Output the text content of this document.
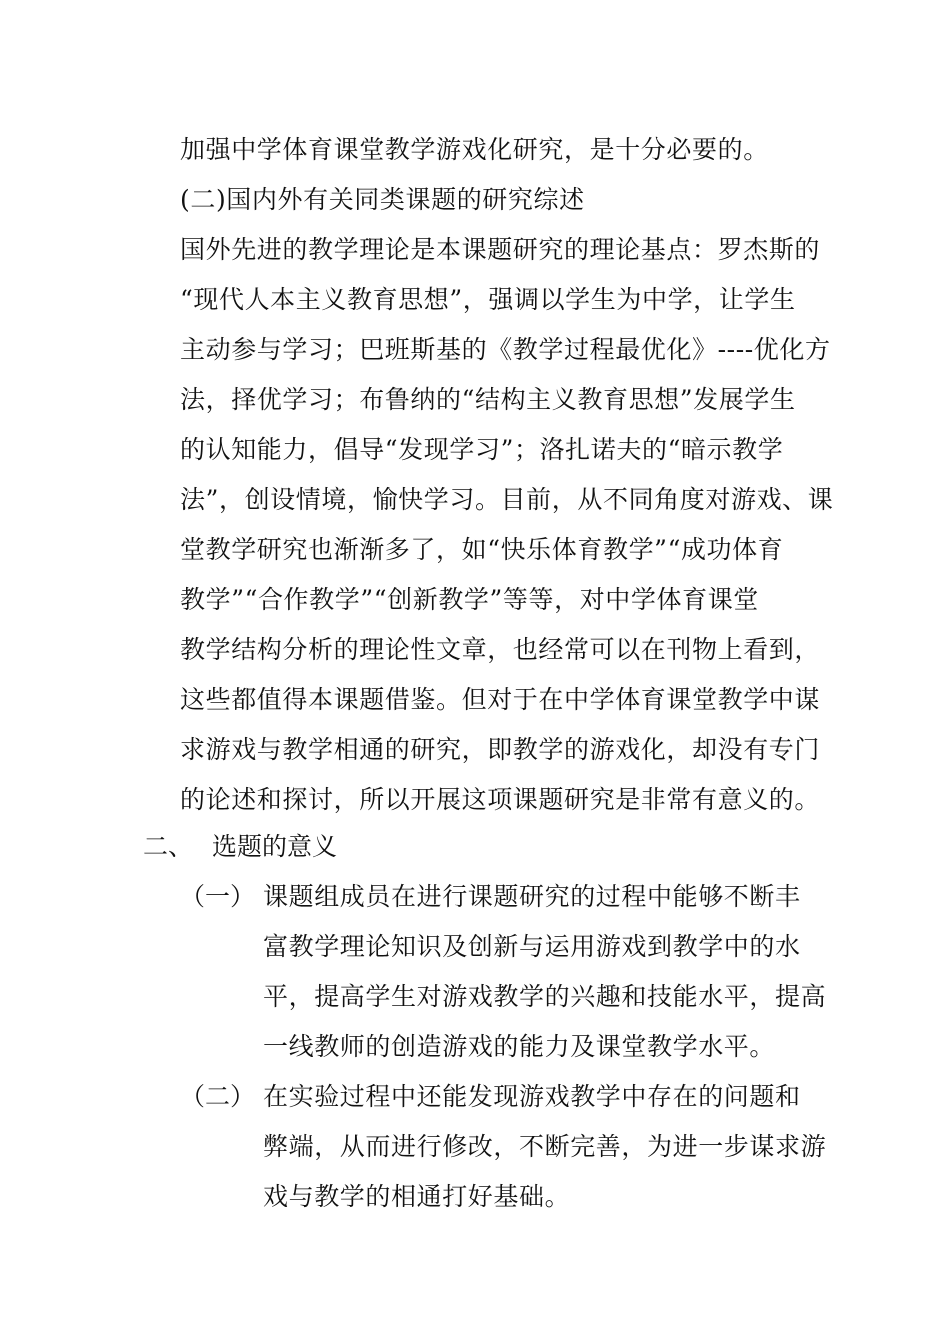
加强中学体育课堂教学游戏化研究，是十分必要的。
(二)国内外有关同类课题的研究综述
国外先进的教学理论是本课题研究的理论基点：罗杰斯的
“现代人本主义教育思想”，强调以学生为中学，让学生
主动参与学习；巴班斯基的《教学过程最优化》----优化方
法，择优学习；布鲁纳的“结构主义教育思想”发展学生
的认知能力，倡导“发现学习”；洛扎诺夫的“暗示教学
法”，创设情境，愉快学习。目前，从不同角度对游戏、课
堂教学研究也渐渐多了，如“快乐体育教学”“成功体育
教学”“合作教学”“创新教学”等等，对中学体育课堂
教学结构分析的理论性文章，也经常可以在刊物上看到，
这些都值得本课题借鉴。但对于在中学体育课堂教学中谋
求游戏与教学相通的研究，即教学的游戏化，却没有专门
的论述和探讨，所以开展这项课题研究是非常有意义的。
二、 选题的意义
（一） 课题组成员在进行课题研究的过程中能够不断丰
富教学理论知识及创新与运用游戏到教学中的水
平，提高学生对游戏教学的兴趣和技能水平，提高
一线教师的创造游戏的能力及课堂教学水平。
（二） 在实验过程中还能发现游戏教学中存在的问题和
弊端，从而进行修改，不断完善，为进一步谋求游
戏与教学的相通打好基础。
